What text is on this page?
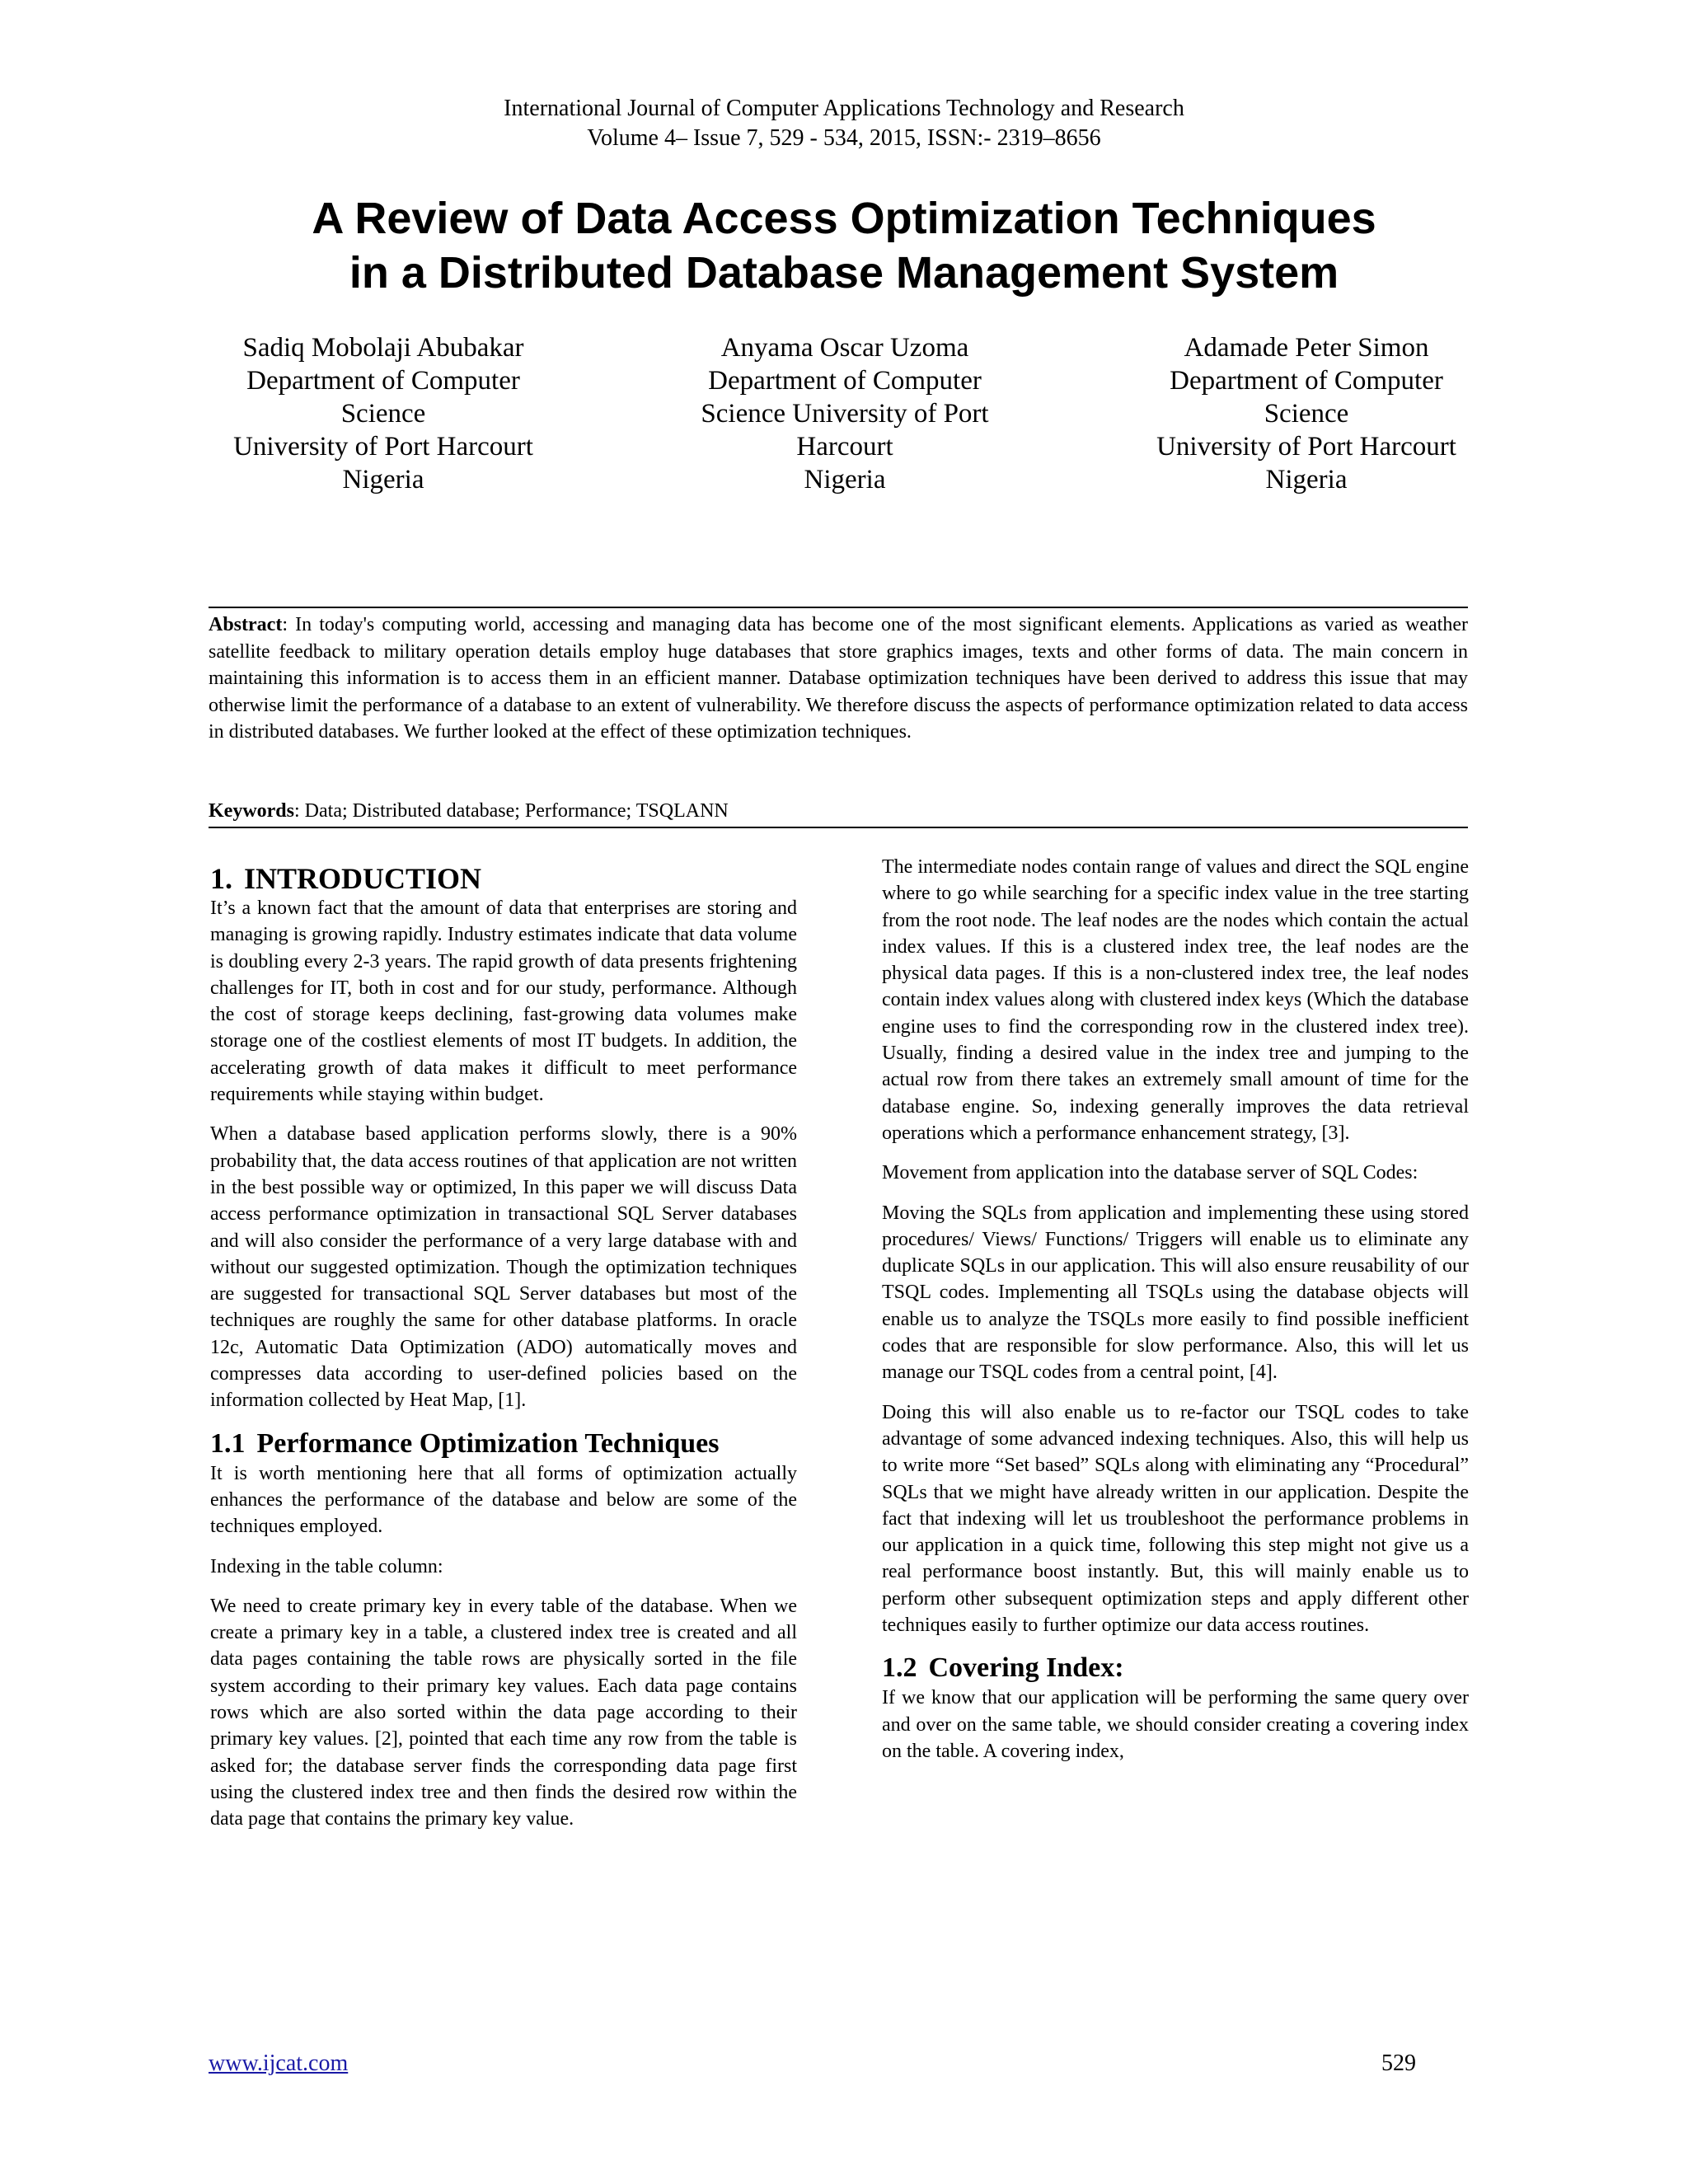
International Journal of Computer Applications Technology and Research
Volume 4– Issue 7, 529 - 534, 2015, ISSN:- 2319–8656
A Review of Data Access Optimization Techniques
in a Distributed Database Management System
Sadiq Mobolaji Abubakar
Department of Computer
Science
University of Port Harcourt
Nigeria
Anyama Oscar Uzoma
Department of Computer
Science University of Port
Harcourt
Nigeria
Adamade Peter Simon
Department of Computer
Science
University of Port Harcourt
Nigeria
Abstract: In today's computing world, accessing and managing data has become one of the most significant elements. Applications as varied as weather satellite feedback to military operation details employ huge databases that store graphics images, texts and other forms of data. The main concern in maintaining this information is to access them in an efficient manner. Database optimization techniques have been derived to address this issue that may otherwise limit the performance of a database to an extent of vulnerability. We therefore discuss the aspects of performance optimization related to data access in distributed databases. We further looked at the effect of these optimization techniques.
Keywords: Data; Distributed database; Performance; TSQLANN
1. INTRODUCTION

It’s a known fact that the amount of data that enterprises are storing and managing is growing rapidly. Industry estimates indicate that data volume is doubling every 2-3 years. The rapid growth of data presents frightening challenges for IT, both in cost and for our study, performance. Although the cost of storage keeps declining, fast-growing data volumes make storage one of the costliest elements of most IT budgets. In addition, the accelerating growth of data makes it difficult to meet performance requirements while staying within budget.

When a database based application performs slowly, there is a 90% probability that, the data access routines of that application are not written in the best possible way or optimized, In this paper we will discuss Data access performance optimization in transactional SQL Server databases and will also consider the performance of a very large database with and without our suggested optimization. Though the optimization techniques are suggested for transactional SQL Server databases but most of the techniques are roughly the same for other database platforms. In oracle 12c, Automatic Data Optimization (ADO) automatically moves and compresses data according to user-defined policies based on the information collected by Heat Map, [1].

1.1 Performance Optimization Techniques

It is worth mentioning here that all forms of optimization actually enhances the performance of the database and below are some of the techniques employed.

Indexing in the table column:

We need to create primary key in every table of the database. When we create a primary key in a table, a clustered index tree is created and all data pages containing the table rows are physically sorted in the file system according to their primary key values. Each data page contains rows which are also sorted within the data page according to their primary key values. [2], pointed that each time any row from the table is asked for; the database server finds the corresponding data page first using the clustered index tree and then finds the desired row within the data page that contains the primary key value.

The intermediate nodes contain range of values and direct the SQL engine where to go while searching for a specific index value in the tree starting from the root node. The leaf nodes are the nodes which contain the actual index values. If this is a clustered index tree, the leaf nodes are the physical data pages. If this is a non-clustered index tree, the leaf nodes contain index values along with clustered index keys (Which the database engine uses to find the corresponding row in the clustered index tree). Usually, finding a desired value in the index tree and jumping to the actual row from there takes an extremely small amount of time for the database engine. So, indexing generally improves the data retrieval operations which a performance enhancement strategy, [3].

Movement from application into the database server of SQL Codes:

Moving the SQLs from application and implementing these using stored procedures/ Views/ Functions/ Triggers will enable us to eliminate any duplicate SQLs in our application. This will also ensure reusability of our TSQL codes. Implementing all TSQLs using the database objects will enable us to analyze the TSQLs more easily to find possible inefficient codes that are responsible for slow performance. Also, this will let us manage our TSQL codes from a central point, [4].

Doing this will also enable us to re-factor our TSQL codes to take advantage of some advanced indexing techniques. Also, this will help us to write more “Set based” SQLs along with eliminating any “Procedural” SQLs that we might have already written in our application. Despite the fact that indexing will let us troubleshoot the performance problems in our application in a quick time, following this step might not give us a real performance boost instantly. But, this will mainly enable us to perform other subsequent optimization steps and apply different other techniques easily to further optimize our data access routines.

1.2 Covering Index:

If we know that our application will be performing the same query over and over on the same table, we should consider creating a covering index on the table. A covering index,

www.ijcat.com	529
